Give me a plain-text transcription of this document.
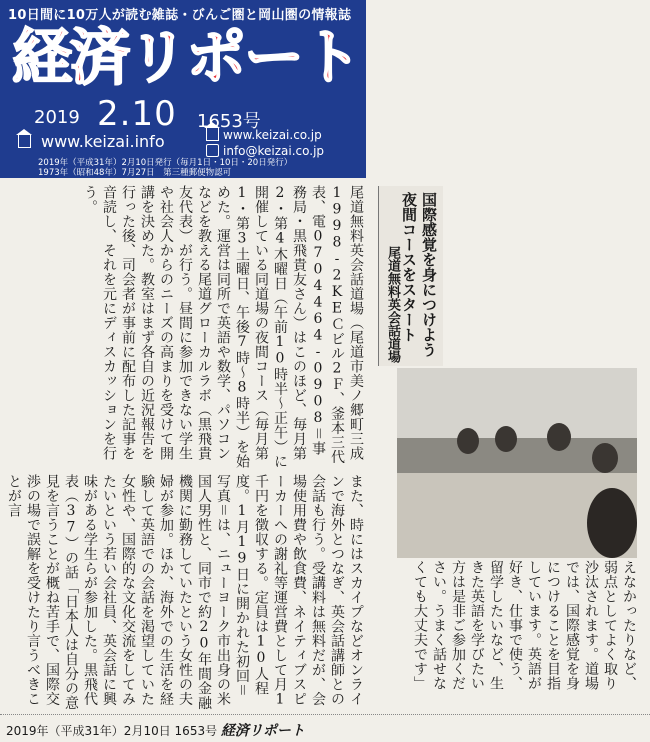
10日間に10万人が読む雑誌・びんご圏と岡山圏の情報誌
経済リポート
2019 2.10 1653号
www.keizai.info	www.keizai.co.jp
info@keizai.co.jp
2019年（平成31年）2月10日発行（毎月1日・10日・20日発行）
1973年（昭和48年）7月27日　第三種郵便物認可
国際感覚を身につけよう
夜間コースをスタート
尾道無料英会話道場
尾道無料英会話道場（尾道市美ノ郷町三成1998‐2KEＣビル2Ｆ、釜本三代表、電0704464‐0908＝事務局・黒飛貴友さん）はこのほど、毎月第2・第4木曜日（午前10時半〜正午）に開催している同道場の夜間コース（毎月第1・第3土曜日、午後7時〜8時半）を始めた。運営は同所で英語や数学、パソコンなどを教える尾道グローカルラボ（黒飛貴友代表）が行う。昼間に参加できない学生や社会人からのニーズの高まりを受けて開講を決めた。教室はまず各自の近況報告を行った後、司会者が事前に配布した記事を音読し、それを元にディスカッションを行う。
また、時にはスカイプなどオンラインで海外とつなぎ、英会話講師との会話も行う。受講料は無料だが、会場使用費や飲食費、ネイティブスピーカーへの謝礼等運営費として月1千円を徴収する。定員は10人程度。1月19日に開かれた初回＝写真＝は、ニューヨーク市出身の米国人男性と、同市で約20年間金融機関に勤務していたという女性の夫婦が参加。ほか、海外での生活を経験して英語での会話を渇望していた女性や、国際的な文化交流をしてみたいという若い会社員、英会話に興味がある学生らが参加した。黒飛代表（37）の話「日本人は自分の意見を言うことが概ね苦手で、国際交渉の場で誤解を受けたり言うべきことが言
えなかったりなど、弱点としてよく取り沙汰されます。道場では、国際感覚を身につけることを目指しています。英語が好き、仕事で使う、留学したいなど、生きた英語を学びたい方は是非ご参加ください。うまく話せなくても大丈夫です」
2019年（平成31年）2月10日 1653号 経済リポート
